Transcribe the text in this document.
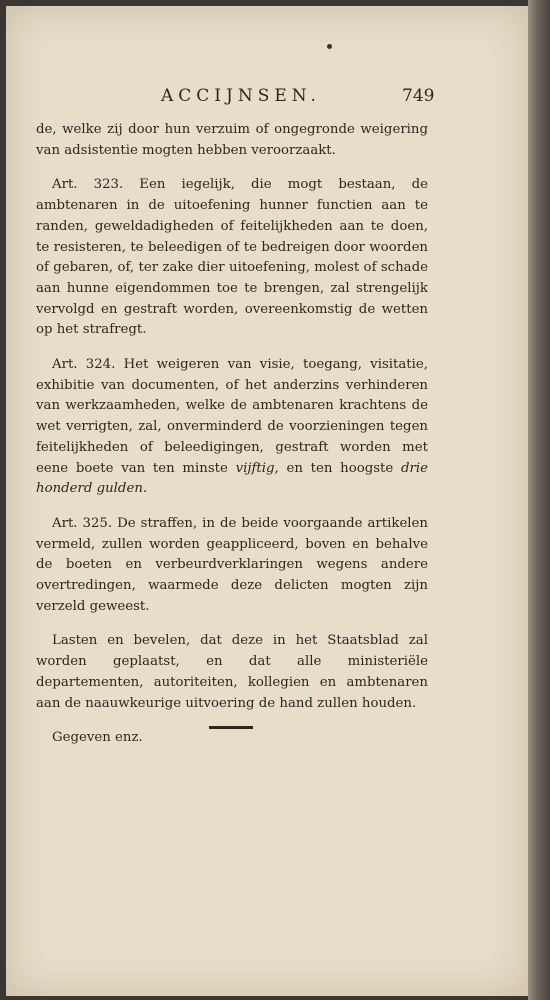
ACCIJNSEN.	749

de, welke zij door hun verzuim of ongegronde weigering van adsistentie mogten hebben veroorzaakt.

Art. 323. Een iegelijk, die mogt bestaan, de ambtenaren in de uitoefening hunner functien aan te randen, geweldadigheden of feitelijkheden aan te doen, te resisteren, te beleedigen of te bedreigen door woorden of gebaren, of, ter zake dier uitoefening, molest of schade aan hunne eigendommen toe te brengen, zal strengelijk vervolgd en gestraft worden, overeenkomstig de wetten op het strafregt.

Art. 324. Het weigeren van visie, toegang, visitatie, exhibitie van documenten, of het anderzins verhinderen van werkzaamheden, welke de ambtenaren krachtens de wet verrigten, zal, onverminderd de voorzieningen tegen feitelijkheden of beleedigingen, gestraft worden met eene boete van ten minste vijftig, en ten hoogste drie honderd gulden.

Art. 325. De straffen, in de beide voorgaande artikelen vermeld, zullen worden geappliceerd, boven en behalve de boeten en verbeurdverklaringen wegens andere overtredingen, waarmede deze delicten mogten zijn verzeld geweest.

Lasten en bevelen, dat deze in het Staatsblad zal worden geplaatst, en dat alle ministeriële departementen, autoriteiten, kollegien en ambtenaren aan de naauwkeurige uitvoering de hand zullen houden.

Gegeven enz.
